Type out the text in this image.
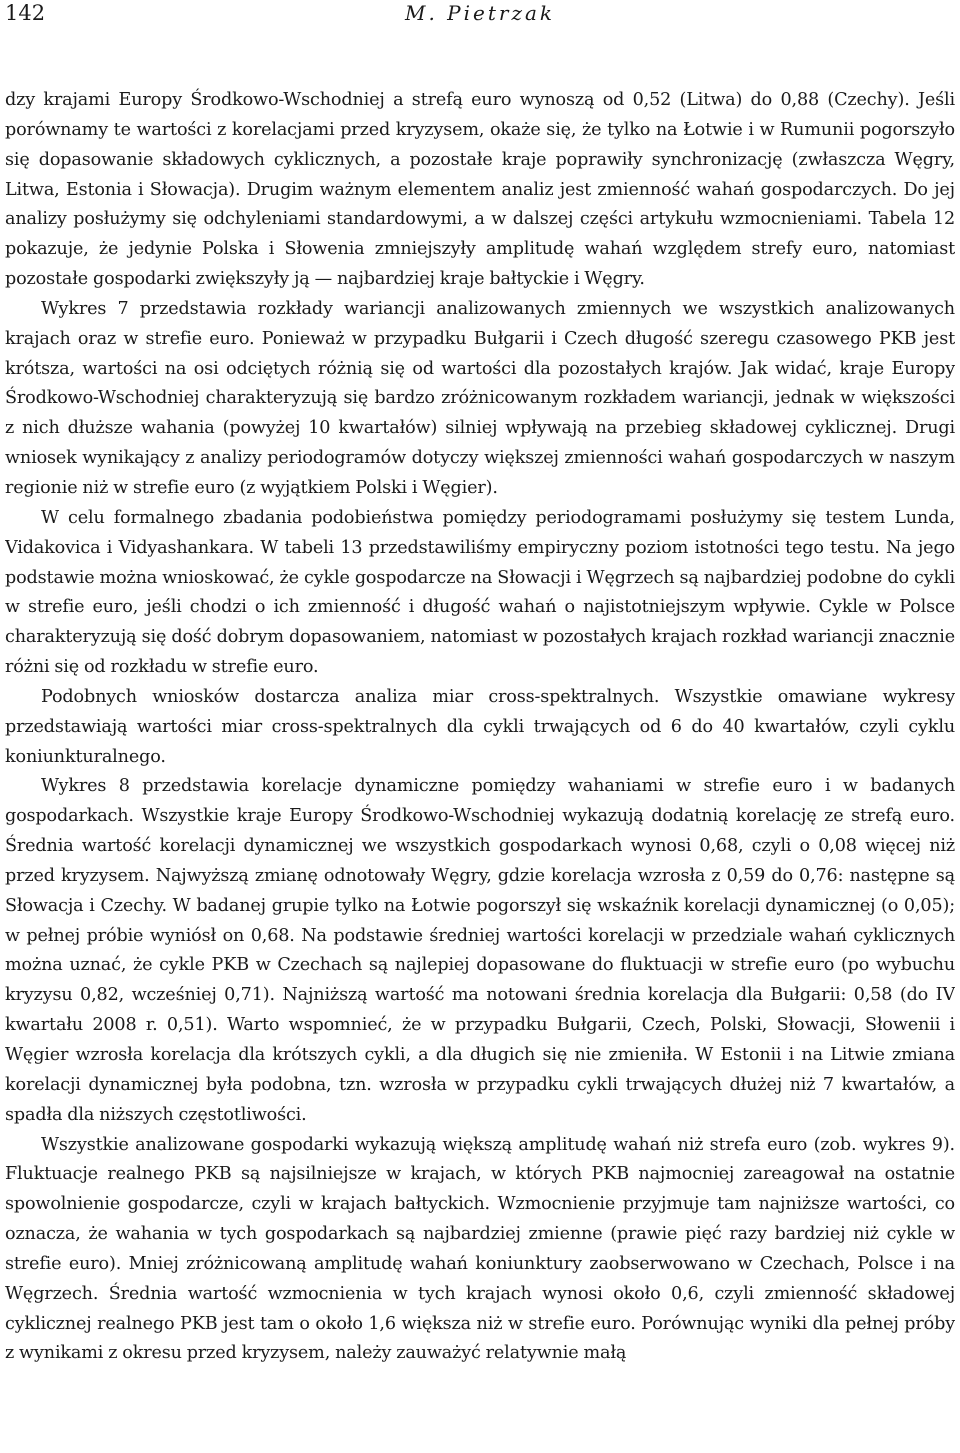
142	M. Pietrzak

dzy krajami Europy Środkowo-Wschodniej a strefą euro wynoszą od 0,52 (Litwa) do 0,88 (Czechy). Jeśli porównamy te wartości z korelacjami przed kryzysem, okaże się, że tylko na Łotwie i w Rumunii pogorszyło się dopasowanie składowych cyklicznych, a pozostałe kraje poprawiły synchronizację (zwłaszcza Węgry, Litwa, Estonia i Słowacja). Drugim ważnym elementem analiz jest zmienność wahań gospodarczych. Do jej analizy posłużymy się odchyleniami standardowymi, a w dalszej części artykułu wzmocnieniami. Tabela 12 pokazuje, że jedynie Polska i Słowenia zmniejszyły amplitudę wahań względem strefy euro, natomiast pozostałe gospodarki zwiększyły ją — najbardziej kraje bałtyckie i Węgry.

Wykres 7 przedstawia rozkłady wariancji analizowanych zmiennych we wszystkich analizowanych krajach oraz w strefie euro. Ponieważ w przypadku Bułgarii i Czech długość szeregu czasowego PKB jest krótsza, wartości na osi odciętych różnią się od wartości dla pozostałych krajów. Jak widać, kraje Europy Środkowo-Wschodniej charakteryzują się bardzo zróżnicowanym rozkładem wariancji, jednak w większości z nich dłuższe wahania (powyżej 10 kwartałów) silniej wpływają na przebieg składowej cyklicznej. Drugi wniosek wynikający z analizy periodogramów dotyczy większej zmienności wahań gospodarczych w naszym regionie niż w strefie euro (z wyjątkiem Polski i Węgier).

W celu formalnego zbadania podobieństwa pomiędzy periodogramami posłużymy się testem Lunda, Vidakovica i Vidyashankara. W tabeli 13 przedstawiliśmy empiryczny poziom istotności tego testu. Na jego podstawie można wnioskować, że cykle gospodarcze na Słowacji i Węgrzech są najbardziej podobne do cykli w strefie euro, jeśli chodzi o ich zmienność i długość wahań o najistotniejszym wpływie. Cykle w Polsce charakteryzują się dość dobrym dopasowaniem, natomiast w pozostałych krajach rozkład wariancji znacznie różni się od rozkładu w strefie euro.

Podobnych wniosków dostarcza analiza miar cross-spektralnych. Wszystkie omawiane wykresy przedstawiają wartości miar cross-spektralnych dla cykli trwających od 6 do 40 kwartałów, czyli cyklu koniunkturalnego.

Wykres 8 przedstawia korelacje dynamiczne pomiędzy wahaniami w strefie euro i w badanych gospodarkach. Wszystkie kraje Europy Środkowo-Wschodniej wykazują dodatnią korelację ze strefą euro. Średnia wartość korelacji dynamicznej we wszystkich gospodarkach wynosi 0,68, czyli o 0,08 więcej niż przed kryzysem. Najwyższą zmianę odnotowały Węgry, gdzie korelacja wzrosła z 0,59 do 0,76: następne są Słowacja i Czechy. W badanej grupie tylko na Łotwie pogorszył się wskaźnik korelacji dynamicznej (o 0,05); w pełnej próbie wyniósł on 0,68. Na podstawie średniej wartości korelacji w przedziale wahań cyklicznych można uznać, że cykle PKB w Czechach są najlepiej dopasowane do fluktuacji w strefie euro (po wybuchu kryzysu 0,82, wcześniej 0,71). Najniższą wartość ma notowani średnia korelacja dla Bułgarii: 0,58 (do IV kwartału 2008 r. 0,51). Warto wspomnieć, że w przypadku Bułgarii, Czech, Polski, Słowacji, Słowenii i Węgier wzrosła korelacja dla krótszych cykli, a dla długich się nie zmieniła. W Estonii i na Litwie zmiana korelacji dynamicznej była podobna, tzn. wzrosła w przypadku cykli trwających dłużej niż 7 kwartałów, a spadła dla niższych częstotliwości.

Wszystkie analizowane gospodarki wykazują większą amplitudę wahań niż strefa euro (zob. wykres 9). Fluktuacje realnego PKB są najsilniejsze w krajach, w których PKB najmocniej zareagował na ostatnie spowolnienie gospodarcze, czyli w krajach bałtyckich. Wzmocnienie przyjmuje tam najniższe wartości, co oznacza, że wahania w tych gospodarkach są najbardziej zmienne (prawie pięć razy bardziej niż cykle w strefie euro). Mniej zróżnicowaną amplitudę wahań koniunktury zaobserwowano w Czechach, Polsce i na Węgrzech. Średnia wartość wzmocnienia w tych krajach wynosi około 0,6, czyli zmienność składowej cyklicznej realnego PKB jest tam o około 1,6 większa niż w strefie euro. Porównując wyniki dla pełnej próby z wynikami z okresu przed kryzysem, należy zauważyć relatywnie małą
